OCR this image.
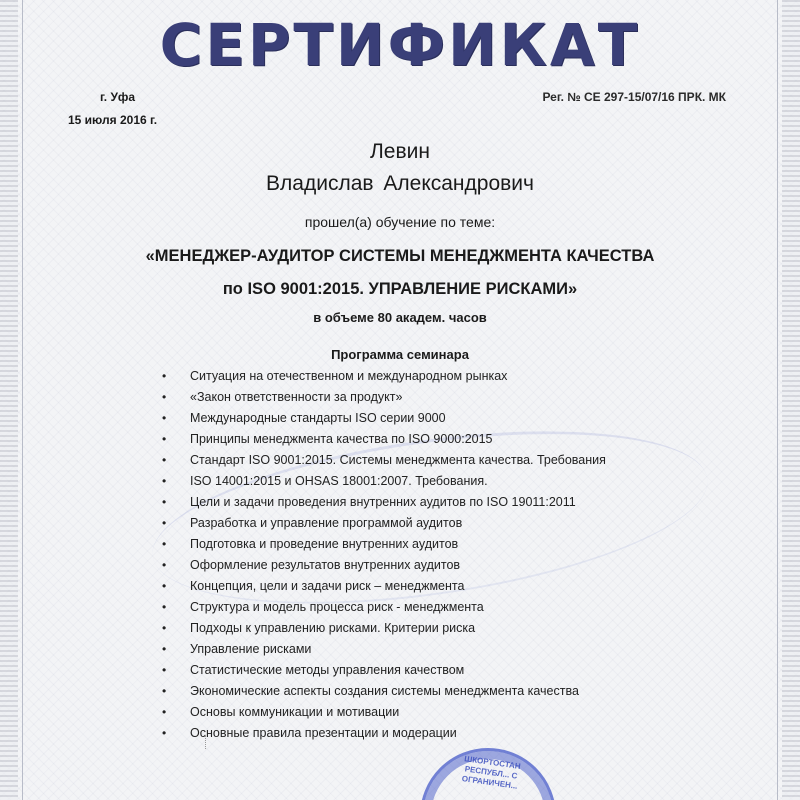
СЕРТИФИКАТ
г. Уфа
15 июля 2016 г.
Рег. № СЕ 297-15/07/16 ПРК. МК
Левин
Владислав Александрович
прошел(а) обучение по теме:
«МЕНЕДЖЕР-АУДИТОР СИСТЕМЫ МЕНЕДЖМЕНТА КАЧЕСТВА
по ISO 9001:2015. УПРАВЛЕНИЕ РИСКАМИ»
в объеме 80 академ. часов
Программа семинара
• Ситуация на отечественном и международном рынках
• «Закон ответственности за продукт»
• Международные стандарты ISO серии 9000
• Принципы менеджмента качества по ISO 9000:2015
• Стандарт ISO 9001:2015. Системы менеджмента качества. Требования
• ISO 14001:2015 и OHSAS 18001:2007. Требования.
• Цели и задачи проведения внутренних аудитов по ISO 19011:2011
• Разработка и управление программой аудитов
• Подготовка и проведение внутренних аудитов
• Оформление результатов внутренних аудитов
• Концепция, цели и задачи риск – менеджмента
• Структура и модель процесса риск - менеджмента
• Подходы к управлению рисками. Критерии риска
• Управление рисками
• Статистические методы управления качеством
• Экономические аспекты создания системы менеджмента качества
• Основы коммуникации и мотивации
• Основные правила презентации и модерации
ШКОРТОСТАН РЕСПУБЛ... С ОГРАНИЧЕН...
